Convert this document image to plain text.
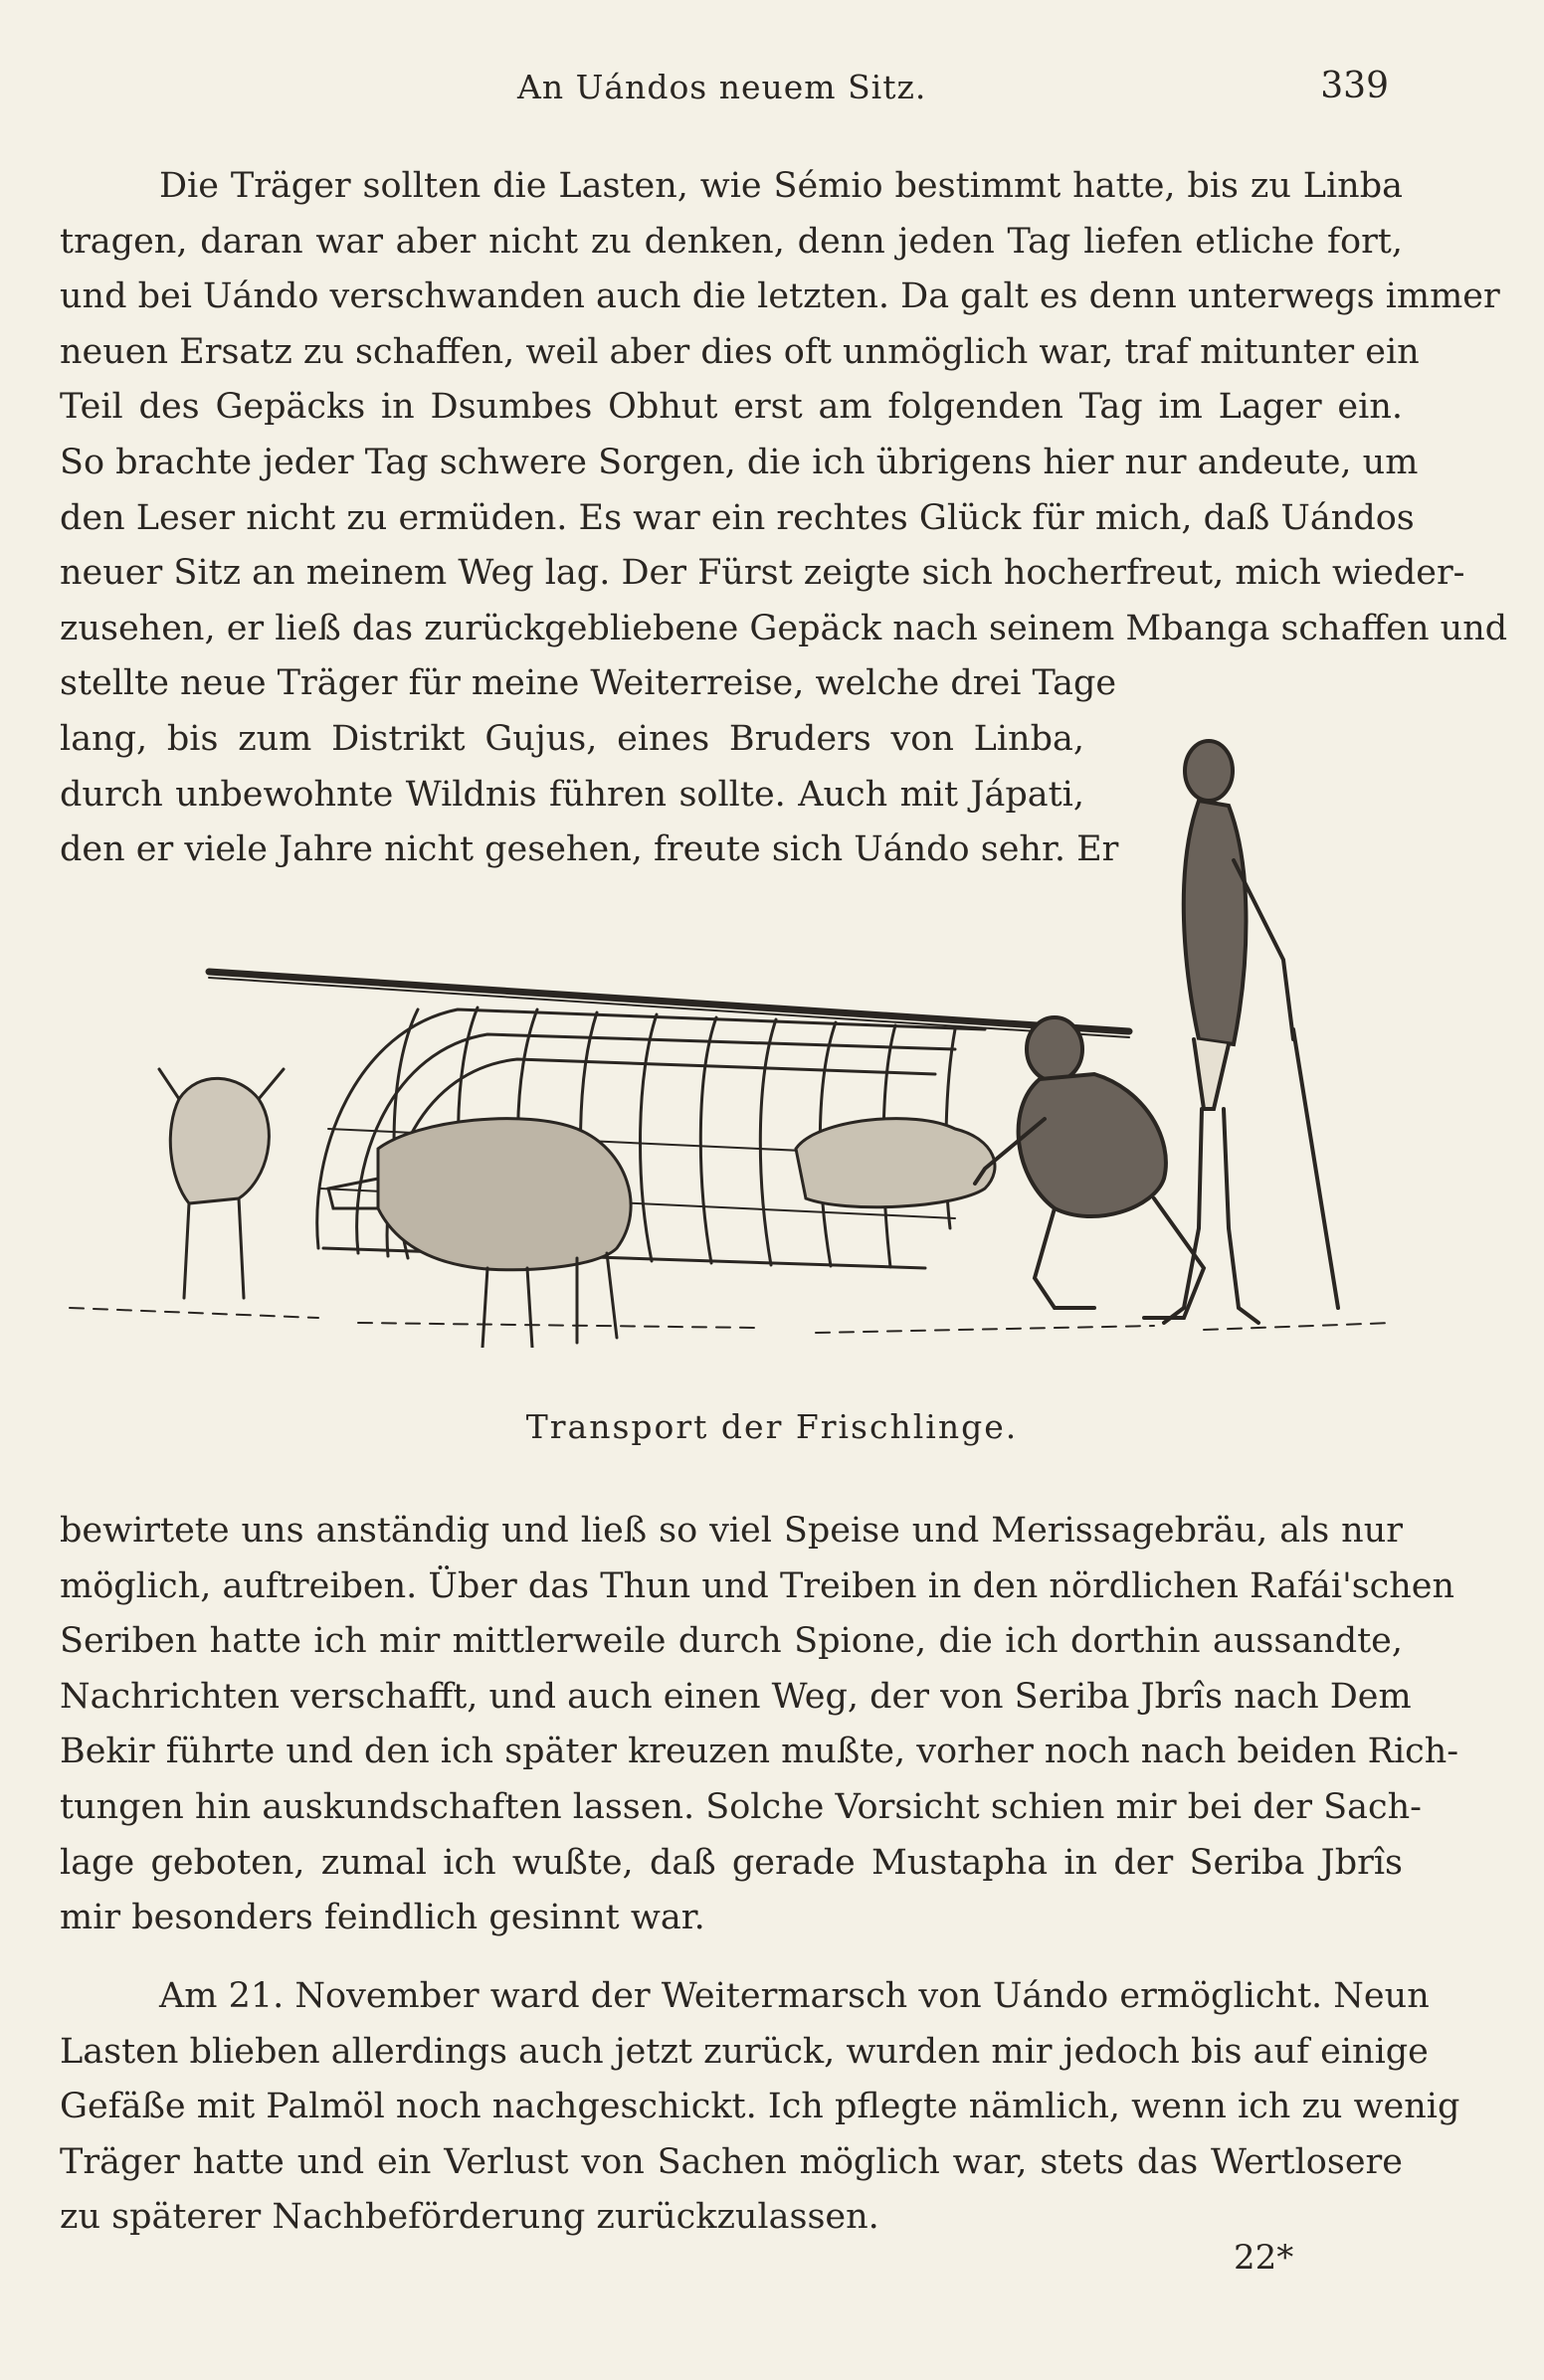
An Uándos neuem Sitz.	339
Die Träger sollten die Lasten, wie Sémio bestimmt hatte, bis zu Linba
tragen, daran war aber nicht zu denken, denn jeden Tag liefen etliche fort,
und bei Uándo verschwanden auch die letzten. Da galt es denn unterwegs immer
neuen Ersatz zu schaffen, weil aber dies oft unmöglich war, traf mitunter ein
Teil des Gepäcks in Dsumbes Obhut erst am folgenden Tag im Lager ein.
So brachte jeder Tag schwere Sorgen, die ich übrigens hier nur andeute, um
den Leser nicht zu ermüden. Es war ein rechtes Glück für mich, daß Uándos
neuer Sitz an meinem Weg lag. Der Fürst zeigte sich hocherfreut, mich wieder-
zusehen, er ließ das zurückgebliebene Gepäck nach seinem Mbanga schaffen und
stellte neue Träger für meine Weiterreise, welche drei Tage
lang, bis zum Distrikt Gujus, eines Bruders von Linba,
durch unbewohnte Wildnis führen sollte. Auch mit Jápati,
den er viele Jahre nicht gesehen, freute sich Uándo sehr. Er
Transport der Frischlinge.
bewirtete uns anständig und ließ so viel Speise und Merissagebräu, als nur
möglich, auftreiben. Über das Thun und Treiben in den nördlichen Rafái'schen
Seriben hatte ich mir mittlerweile durch Spione, die ich dorthin aussandte,
Nachrichten verschafft, und auch einen Weg, der von Seriba Jbrîs nach Dem
Bekir führte und den ich später kreuzen mußte, vorher noch nach beiden Rich-
tungen hin auskundschaften lassen. Solche Vorsicht schien mir bei der Sach-
lage geboten, zumal ich wußte, daß gerade Mustapha in der Seriba Jbrîs
mir besonders feindlich gesinnt war.
Am 21. November ward der Weitermarsch von Uándo ermöglicht. Neun
Lasten blieben allerdings auch jetzt zurück, wurden mir jedoch bis auf einige
Gefäße mit Palmöl noch nachgeschickt. Ich pflegte nämlich, wenn ich zu wenig
Träger hatte und ein Verlust von Sachen möglich war, stets das Wertlosere
zu späterer Nachbeförderung zurückzulassen.
22*
